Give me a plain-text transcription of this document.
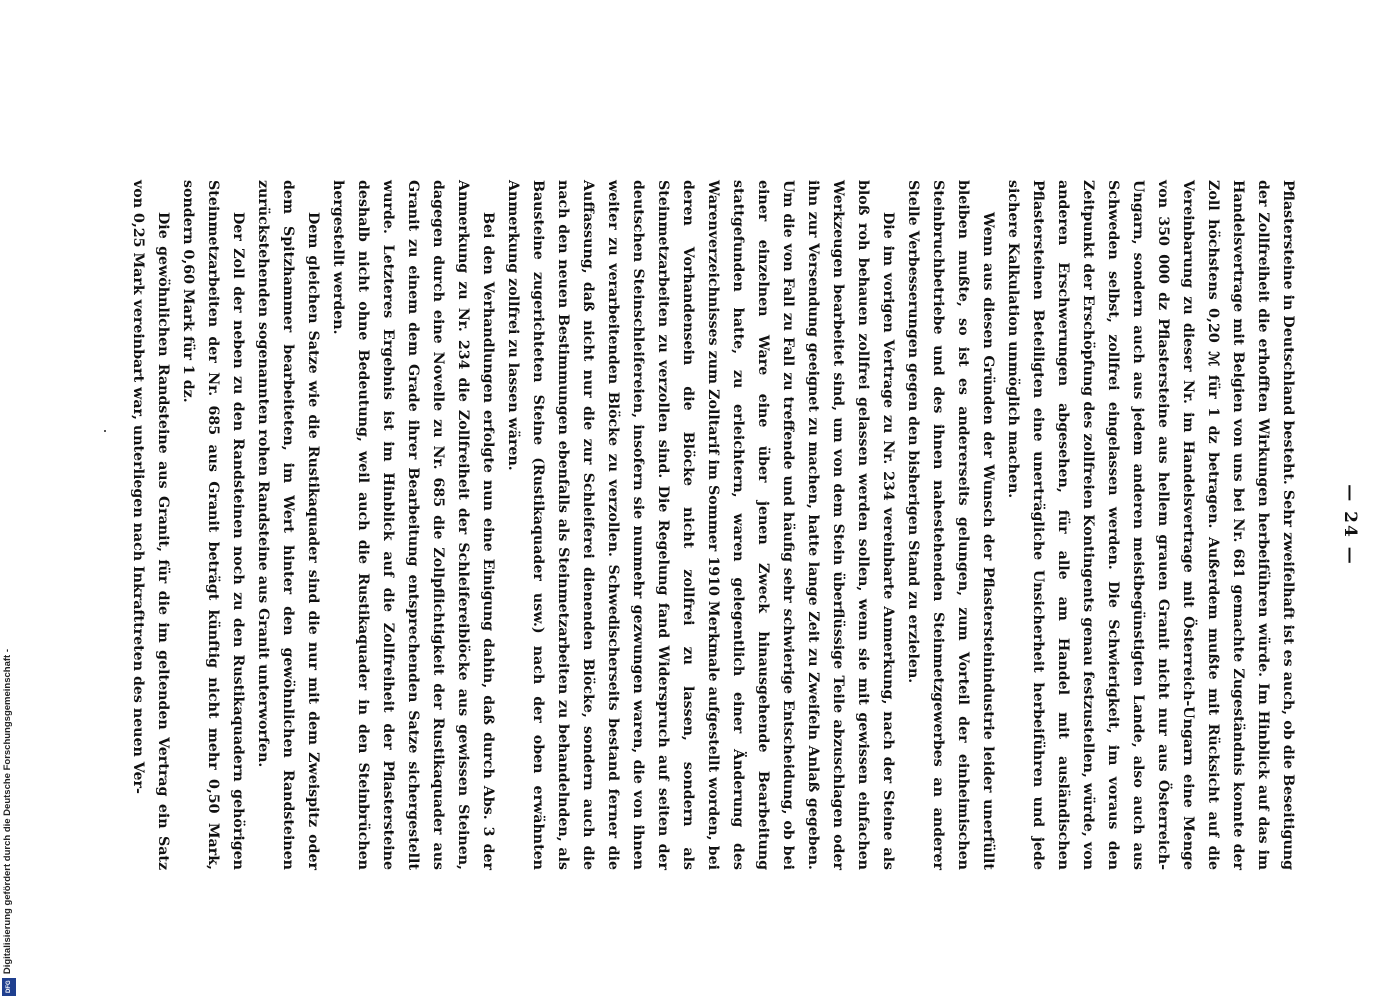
Digitalisierung gefördert durch die Deutsche Forschungsgemeinschaft -
DFG
— 24 —

Pflastersteine in Deutschland besteht. Sehr zweifelhaft ist es auch, ob die Beseitigung der Zollfreiheit die erhofften Wirkungen herbeiführen würde. Im Hinblick auf das im Handelsvertrage mit Belgien von uns bei Nr. 681 gemachte Zugeständnis konnte der Zoll höchstens 0,20 ℳ für 1 dz betragen. Außerdem mußte mit Rücksicht auf die Vereinbarung zu dieser Nr. im Handelsvertrage mit Österreich-Ungarn eine Menge von 350 000 dz Pflastersteine aus hellem grauen Granit nicht nur aus Österreich-Ungarn, sondern auch aus jedem anderen meistbegünstigten Lande, also auch aus Schweden selbst, zollfrei eingelassen werden. Die Schwierigkeit, im voraus den Zeitpunkt der Erschöpfung des zollfreien Kontingents genau festzustellen, würde, von anderen Erschwerungen abgesehen, für alle am Handel mit ausländischen Pflastersteinen Beteiligten eine unerträgliche Unsicherheit herbeiführen und jede sichere Kalkulation unmöglich machen.

Wenn aus diesen Gründen der Wunsch der Pflastersteinindustrie leider unerfüllt bleiben mußte, so ist es andererseits gelungen, zum Vorteil der einheimischen Steinbruchbetriebe und des ihnen nahestehenden Steinmetzgewerbes an anderer Stelle Verbesserungen gegen den bisherigen Stand zu erzielen.

Die im vorigen Vertrage zu Nr. 234 vereinbarte Anmerkung, nach der Steine als bloß roh behauen zollfrei gelassen werden sollen, wenn sie mit gewissen einfachen Werkzeugen bearbeitet sind, um von dem Stein überflüssige Teile abzuschlagen oder ihn zur Versendung geeignet zu machen, hatte lange Zeit zu Zweifeln Anlaß gegeben. Um die von Fall zu Fall zu treffende und häufig sehr schwierige Entscheidung, ob bei einer einzelnen Ware eine über jenen Zweck hinausgehende Bearbeitung stattgefunden hatte, zu erleichtern, waren gelegentlich einer Änderung des Warenverzeichnisses zum Zolltarif im Sommer 1910 Merkmale aufgestellt worden, bei deren Vorhandensein die Blöcke nicht zollfrei zu lassen, sondern als Steinmetzarbeiten zu verzollen sind. Die Regelung fand Widerspruch auf seiten der deutschen Steinschleifereien, insofern sie nunmehr gezwungen waren, die von ihnen weiter zu verarbeitenden Blöcke zu verzollen. Schwedischerseits bestand ferner die Auffassung, daß nicht nur die zur Schleiferei dienenden Blöcke, sondern auch die nach den neuen Bestimmungen ebenfalls als Steinmetzarbeiten zu behandelnden, als Bausteine zugerichteten Steine (Rustikaquader usw.) nach der oben erwähnten Anmerkung zollfrei zu lassen wären.

Bei den Verhandlungen erfolgte nun eine Einigung dahin, daß durch Abs. 3 der Anmerkung zu Nr. 234 die Zollfreiheit der Schleifereiblöcke aus gewissen Steinen, dagegen durch eine Novelle zu Nr. 685 die Zollpflichtigkeit der Rustikaquader aus Granit zu einem dem Grade ihrer Bearbeitung entsprechenden Satze sichergestellt wurde. Letzteres Ergebnis ist im Hinblick auf die Zollfreiheit der Pflastersteine deshalb nicht ohne Bedeutung, weil auch die Rustikaquader in den Steinbrüchen hergestellt werden.

Dem gleichen Satze wie die Rustikaquader sind die nur mit dem Zweispitz oder dem Spitzhammer bearbeiteten, im Wert hinter den gewöhnlichen Randsteinen zurückstehenden sogenannten rohen Randsteine aus Granit unterworfen.

Der Zoll der neben zu den Randsteinen noch zu den Rustikaquadern gehörigen Steinmetzarbeiten der Nr. 685 aus Granit beträgt künftig nicht mehr 0,50 Mark, sondern 0,60 Mark für 1 dz.

Die gewöhnlichen Randsteine aus Granit, für die im geltenden Vertrag ein Satz von 0,25 Mark vereinbart war, unterliegen nach Inkrafttreten des neuen Ver-
